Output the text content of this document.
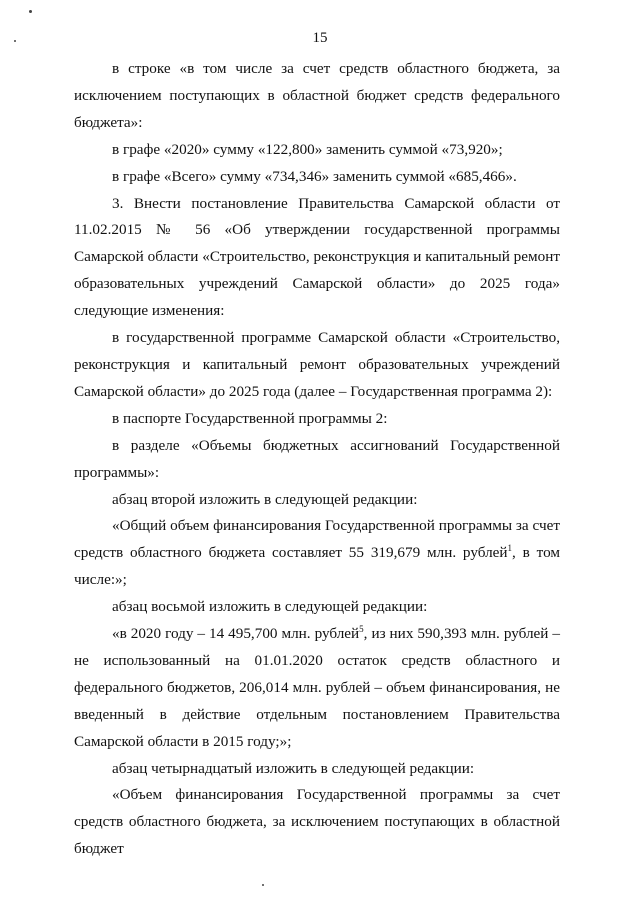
15

в строке «в том числе за счет средств областного бюджета, за исключением поступающих в областной бюджет средств федерального бюджета»:

в графе «2020» сумму «122,800» заменить суммой «73,920»;

в графе «Всего» сумму «734,346» заменить суммой «685,466».

3. Внести постановление Правительства Самарской области от 11.02.2015 № 56 «Об утверждении государственной программы Самарской области «Строительство, реконструкция и капитальный ремонт образовательных учреждений Самарской области» до 2025 года» следующие изменения:

в государственной программе Самарской области «Строительство, реконструкция и капитальный ремонт образовательных учреждений Самарской области» до 2025 года (далее – Государственная программа 2):

в паспорте Государственной программы 2:

в разделе «Объемы бюджетных ассигнований Государственной программы»:

абзац второй изложить в следующей редакции:

«Общий объем финансирования Государственной программы за счет средств областного бюджета составляет 55 319,679 млн. рублей$^1$, в том числе:»;

абзац восьмой изложить в следующей редакции:

«в 2020 году – 14 495,700 млн. рублей$^5$, из них 590,393 млн. рублей – не использованный на 01.01.2020 остаток средств областного и федерального бюджетов, 206,014 млн. рублей – объем финансирования, не введенный в действие отдельным постановлением Правительства Самарской области в 2015 году;»;

абзац четырнадцатый изложить в следующей редакции:

«Объем финансирования Государственной программы за счет средств областного бюджета, за исключением поступающих в областной бюджет
